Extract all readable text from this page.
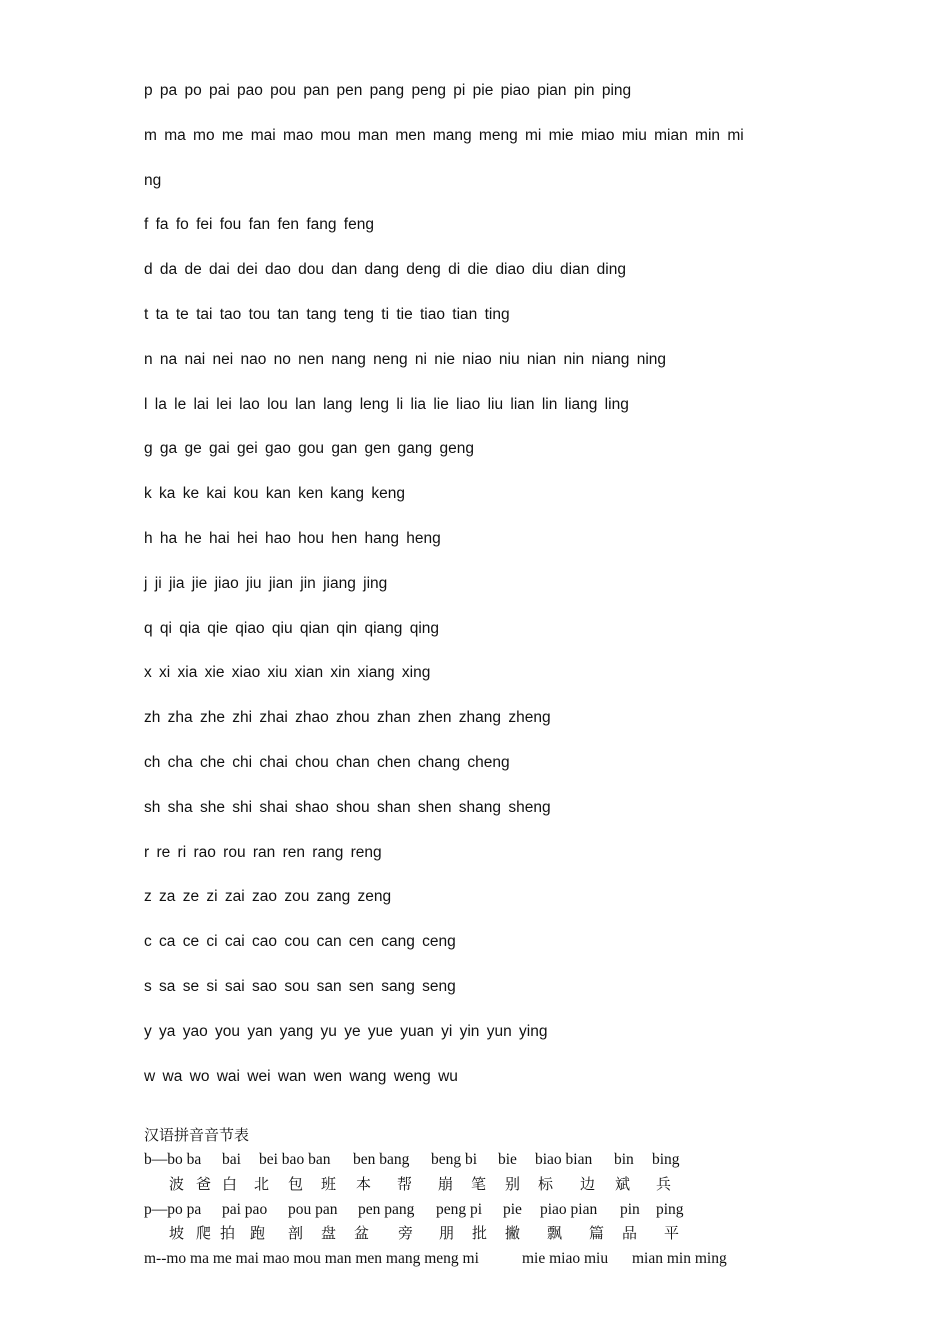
p pa po pai pao pou pan pen pang peng pi pie piao pian pin ping
m ma mo me mai mao mou man men mang meng mi mie miao miu mian min mi
ng
f fa fo fei fou fan fen fang feng
d da de dai dei dao dou dan dang deng di die diao diu dian ding
t ta te tai tao tou tan tang teng ti tie tiao tian ting
n na nai nei nao no nen nang neng ni nie niao niu nian nin niang ning
l la le lai lei lao lou lan lang leng li lia lie liao liu lian lin liang ling
g ga ge gai gei gao gou gan gen gang geng
k ka ke kai kou kan ken kang keng
h ha he hai hei hao hou hen hang heng
j ji jia jie jiao jiu jian jin jiang jing
q qi qia qie qiao qiu qian qin qiang qing
x xi xia xie xiao xiu xian xin xiang xing
zh zha zhe zhi zhai zhao zhou zhan zhen zhang zheng
ch cha che chi chai chou chan chen chang cheng
sh sha she shi shai shao shou shan shen shang sheng
r re ri rao rou ran ren rang reng
z za ze zi zai zao zou zang zeng
c ca ce ci cai cao cou can cen cang ceng
s sa se si sai sao sou san sen sang seng
y ya yao you yan yang yu ye yue yuan yi yin yun ying
w wa wo wai wei wan wen wang weng wu
汉语拼音音节表
b—bo ba bai bei bao ban ben bang beng bi bie biao bian bin bing
波 爸 白 北 包 班 本 帮 崩 笔 别 标 边 斌 兵
p—po pa pai pao pou pan pen pang peng pi pie piao pian pin ping
坡 爬 拍 跑 剖 盘 盆 旁 朋 批 撇 飘 篇 品 平
m--mo ma me mai mao mou man men mang meng mi	mie miao miu mian min ming
